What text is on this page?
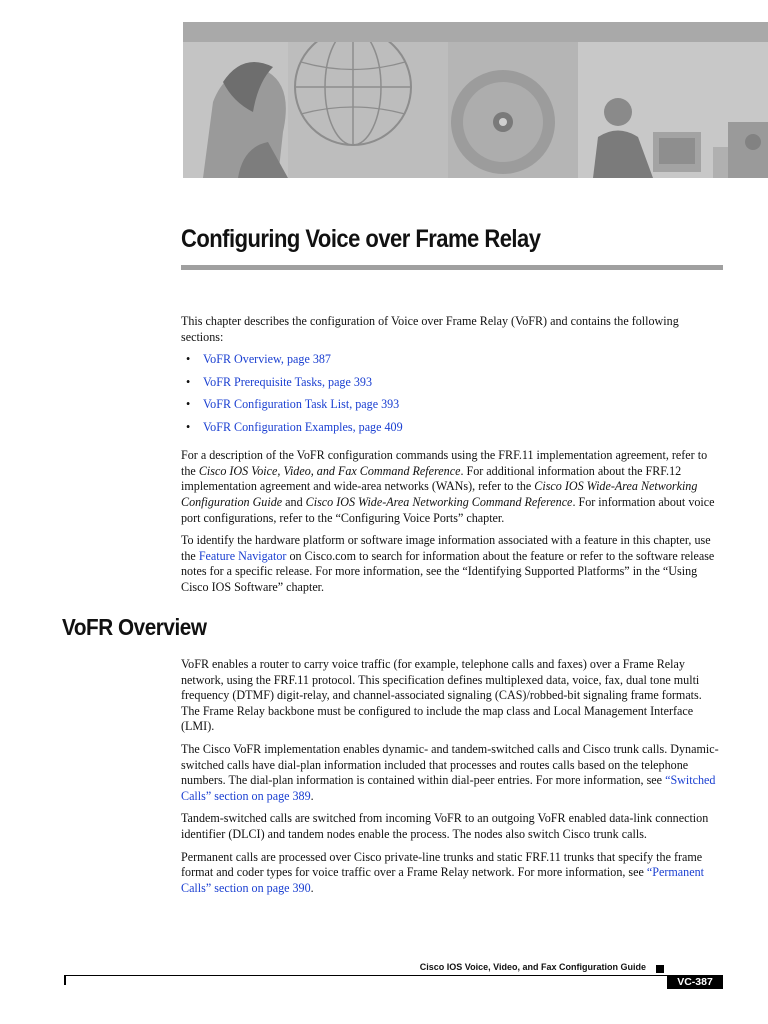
Configuring Voice over Frame Relay

This chapter describes the configuration of Voice over Frame Relay (VoFR) and contains the following sections:

• VoFR Overview, page 387
• VoFR Prerequisite Tasks, page 393
• VoFR Configuration Task List, page 393
• VoFR Configuration Examples, page 409

For a description of the VoFR configuration commands using the FRF.11 implementation agreement, refer to the Cisco IOS Voice, Video, and Fax Command Reference. For additional information about the FRF.12 implementation agreement and wide-area networks (WANs), refer to the Cisco IOS Wide-Area Networking Configuration Guide and Cisco IOS Wide-Area Networking Command Reference. For information about voice port configurations, refer to the “Configuring Voice Ports” chapter.

To identify the hardware platform or software image information associated with a feature in this chapter, use the Feature Navigator on Cisco.com to search for information about the feature or refer to the software release notes for a specific release. For more information, see the “Identifying Supported Platforms” in the “Using Cisco IOS Software” chapter.

VoFR Overview

VoFR enables a router to carry voice traffic (for example, telephone calls and faxes) over a Frame Relay network, using the FRF.11 protocol. This specification defines multiplexed data, voice, fax, dual tone multi frequency (DTMF) digit-relay, and channel-associated signaling (CAS)/robbed-bit signaling frame formats. The Frame Relay backbone must be configured to include the map class and Local Management Interface (LMI).

The Cisco VoFR implementation enables dynamic- and tandem-switched calls and Cisco trunk calls. Dynamic-switched calls have dial-plan information included that processes and routes calls based on the telephone numbers. The dial-plan information is contained within dial-peer entries. For more information, see “Switched Calls” section on page 389.

Tandem-switched calls are switched from incoming VoFR to an outgoing VoFR enabled data-link connection identifier (DLCI) and tandem nodes enable the process. The nodes also switch Cisco trunk calls.

Permanent calls are processed over Cisco private-line trunks and static FRF.11 trunks that specify the frame format and coder types for voice traffic over a Frame Relay network. For more information, see “Permanent Calls” section on page 390.

Cisco IOS Voice, Video, and Fax Configuration Guide
VC-387
